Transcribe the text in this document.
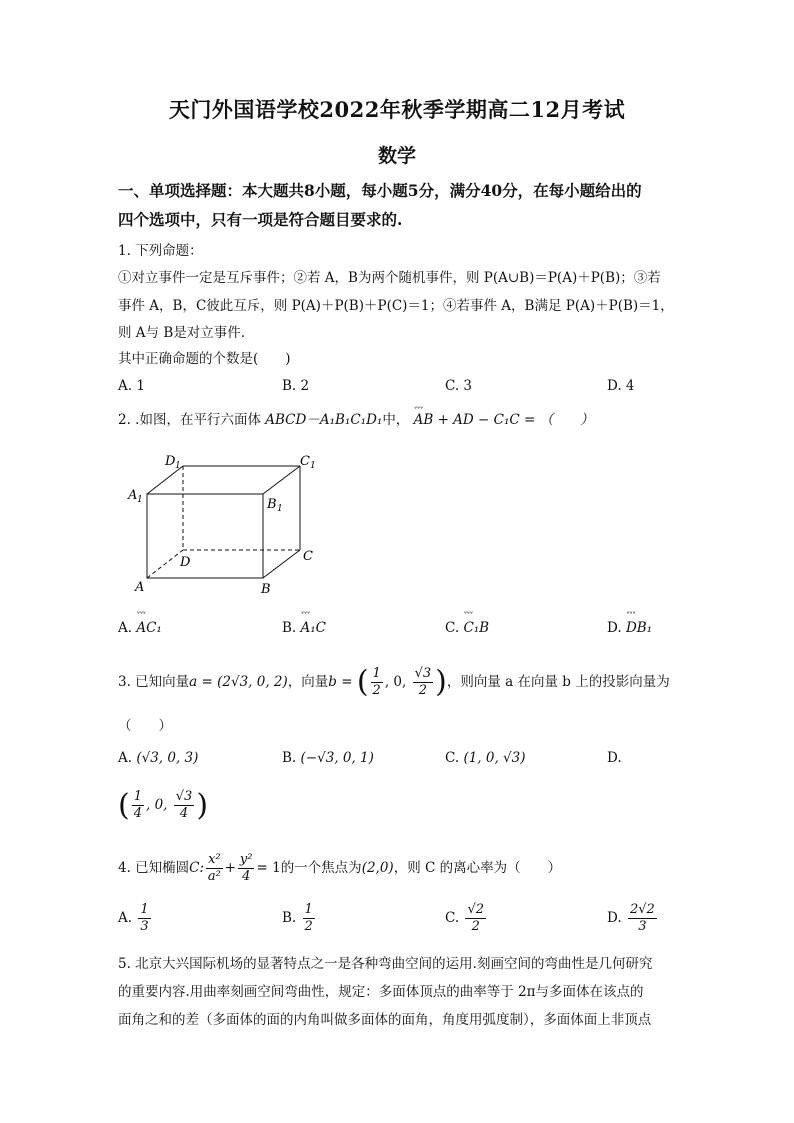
天门外国语学校2022年秋季学期高二12月考试
数学
一、单项选择题：本大题共8小题，每小题5分，满分40分，在每小题给出的
四个选项中，只有一项是符合题目要求的.
1. 下列命题：
①对立事件一定是互斥事件；②若 A，B为两个随机事件，则 P(A∪B)＝P(A)＋P(B)；③若
事件 A，B，C彼此互斥，则 P(A)＋P(B)＋P(C)＝1；④若事件 A，B满足 P(A)＋P(B)＝1，
则 A与 B是对立事件.
其中正确命题的个数是(　　)
A. 1	B. 2	C. 3	D. 4
2. .如图，在平行六面体 ABCD－A₁B₁C₁D₁中， ˅˅˅ AB + AD − C₁C = （　　）
D 1	C 1
A 1	B 1
D	C
A	B
A. ˅˅˅ AC₁	B. ˅˅˅ A₁C	C. ˅˅˅ C₁B	D. ˅˅˅ DB₁
3. 已知向量a = (2√3, 0, 2)，向量b = ( $\frac{1}{2}$ , 0, $\frac{√3}{2}$ )，则向量 a 在向量 b 上的投影向量为
（　　）
A. (√3, 0, 3)	B. (−√3, 0, 1)	C. (1, 0, √3)	D.
( $\frac{1}{4}$ , 0, $\frac{√3}{4}$ )
4. 已知椭圆C: $\frac{\text{x²}}{\text{a²}} + \frac{\text{y²}}{4} = 1$的一个焦点为(2,0)，则 C 的离心率为（　　）
A. $\frac{1}{3}$	B. $\frac{1}{2}$	C. $\frac{√2}{2}$	D. $\frac{2√2}{3}$
5. 北京大兴国际机场的显著特点之一是各种弯曲空间的运用.刻画空间的弯曲性是几何研究
的重要内容.用曲率刻画空间弯曲性，规定：多面体顶点的曲率等于 2π与多面体在该点的
面角之和的差（多面体的面的内角叫做多面体的面角，角度用弧度制），多面体面上非顶点
